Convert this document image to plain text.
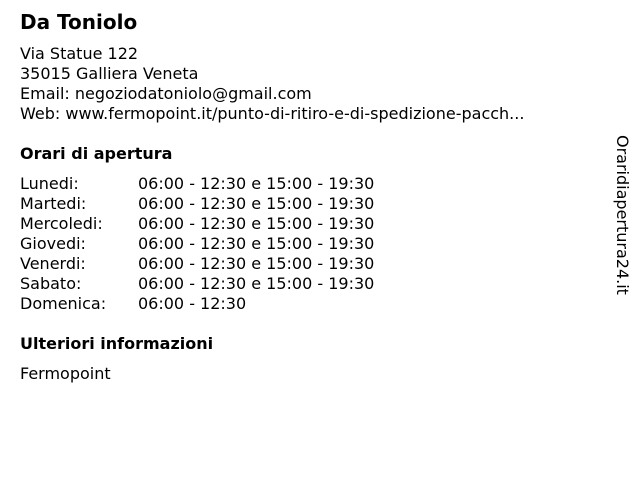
Da Toniolo
Via Statue 122
35015 Galliera Veneta
Email: negoziodatoniolo@gmail.com
Web: www.fermopoint.it/punto-di-ritiro-e-di-spedizione-pacch...
Orari di apertura
Lunedi:	06:00 - 12:30 e 15:00 - 19:30
Martedi:	06:00 - 12:30 e 15:00 - 19:30
Mercoledi:	06:00 - 12:30 e 15:00 - 19:30
Giovedi:	06:00 - 12:30 e 15:00 - 19:30
Venerdi:	06:00 - 12:30 e 15:00 - 19:30
Sabato:	06:00 - 12:30 e 15:00 - 19:30
Domenica:	06:00 - 12:30
Ulteriori informazioni
Fermopoint
Oraridiapertura24.it
